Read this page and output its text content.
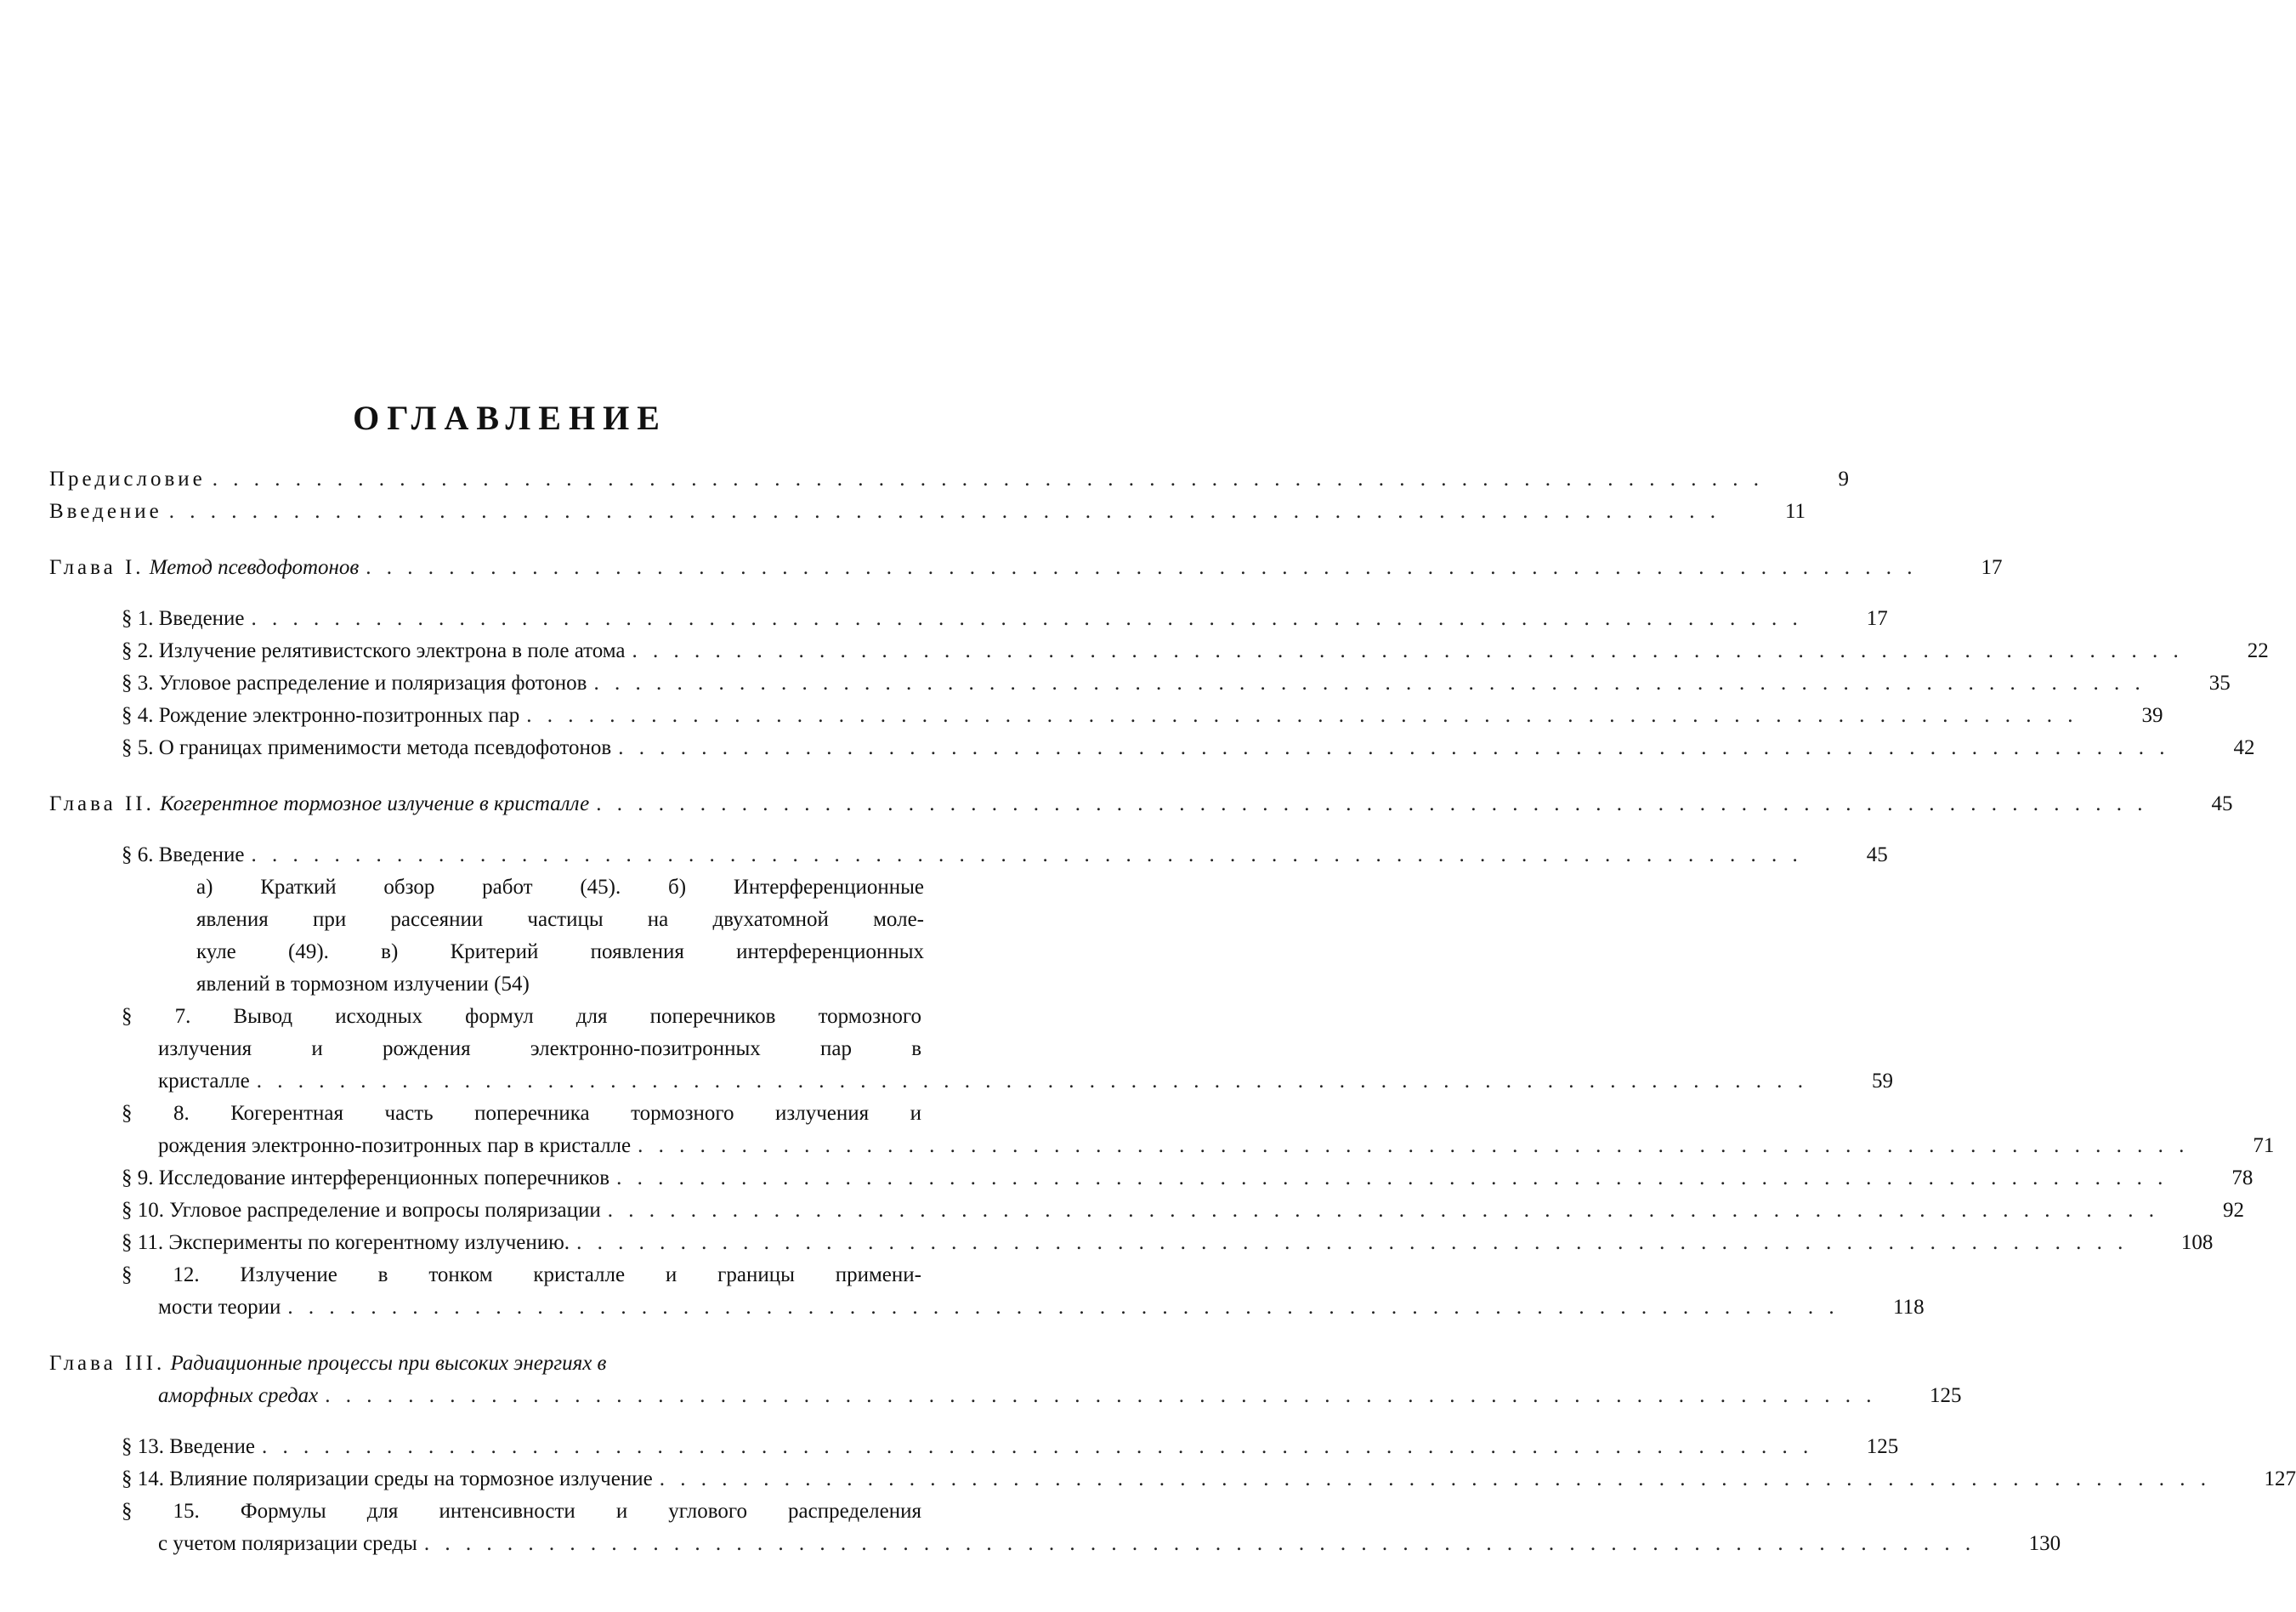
ОГЛАВЛЕНИЕ
Предисловие . . . . . . . . . . . . . . . . . . . . . . . . . . . . . . . . . . . . . . . . . . . . . . . . . . . . . . . . . . . . . . . . . . . . . . . . . . .	9
Введение . . . . . . . . . . . . . . . . . . . . . . . . . . . . . . . . . . . . . . . . . . . . . . . . . . . . . . . . . . . . . . . . . . . . . . . . . . .	11
Глава I. Метод псевдофотонов . . . . . . . . . . . . . . . . . . . . . . . . . . . . . . . . . . . . . . . . . . . . . . . . . . . . . . . . . . . . . . . . . . . . . . . . . . .	17
§ 1. Введение . . . . . . . . . . . . . . . . . . . . . . . . . . . . . . . . . . . . . . . . . . . . . . . . . . . . . . . . . . . . . . . . . . . . . . . . . . .	17
§ 2. Излучение релятивистского электрона в поле атома . . . . . . . . . . . . . . . . . . . . . . . . . . . . . . . . . . . . . . . . . . . . . . . . . . . . . . . . . . . . . . . . . . . . . . . . . . .	22
§ 3. Угловое распределение и поляризация фотонов . . . . . . . . . . . . . . . . . . . . . . . . . . . . . . . . . . . . . . . . . . . . . . . . . . . . . . . . . . . . . . . . . . . . . . . . . . .	35
§ 4. Рождение электронно-позитронных пар . . . . . . . . . . . . . . . . . . . . . . . . . . . . . . . . . . . . . . . . . . . . . . . . . . . . . . . . . . . . . . . . . . . . . . . . . . .	39
§ 5. О границах применимости метода псевдофотонов . . . . . . . . . . . . . . . . . . . . . . . . . . . . . . . . . . . . . . . . . . . . . . . . . . . . . . . . . . . . . . . . . . . . . . . . . . .	42
Глава II. Когерентное тормозное излучение в кристалле . . . . . . . . . . . . . . . . . . . . . . . . . . . . . . . . . . . . . . . . . . . . . . . . . . . . . . . . . . . . . . . . . . . . . . . . . . .	45
§ 6. Введение . . . . . . . . . . . . . . . . . . . . . . . . . . . . . . . . . . . . . . . . . . . . . . . . . . . . . . . . . . . . . . . . . . . . . . . . . . .	45
а) Краткий обзор работ (45). б) Интерференционные
явления при рассеянии частицы на двухатомной моле-
куле (49). в) Критерий появления интерференционных
явлений в тормозном излучении (54)
§ 7. Вывод исходных формул для поперечников тормозного
излучения и рождения электронно-позитронных пар в
кристалле . . . . . . . . . . . . . . . . . . . . . . . . . . . . . . . . . . . . . . . . . . . . . . . . . . . . . . . . . . . . . . . . . . . . . . . . . . .	59
§ 8. Когерентная часть поперечника тормозного излучения и
рождения электронно-позитронных пар в кристалле . . . . . . . . . . . . . . . . . . . . . . . . . . . . . . . . . . . . . . . . . . . . . . . . . . . . . . . . . . . . . . . . . . . . . . . . . . .	71
§ 9. Исследование интерференционных поперечников . . . . . . . . . . . . . . . . . . . . . . . . . . . . . . . . . . . . . . . . . . . . . . . . . . . . . . . . . . . . . . . . . . . . . . . . . . .	78
§ 10. Угловое распределение и вопросы поляризации . . . . . . . . . . . . . . . . . . . . . . . . . . . . . . . . . . . . . . . . . . . . . . . . . . . . . . . . . . . . . . . . . . . . . . . . . . .	92
§ 11. Эксперименты по когерентному излучению. . . . . . . . . . . . . . . . . . . . . . . . . . . . . . . . . . . . . . . . . . . . . . . . . . . . . . . . . . . . . . . . . . . . . . . . . . . .	108
§ 12. Излучение в тонком кристалле и границы примени-
мости теории . . . . . . . . . . . . . . . . . . . . . . . . . . . . . . . . . . . . . . . . . . . . . . . . . . . . . . . . . . . . . . . . . . . . . . . . . . .	118
Глава III. Радиационные процессы при высоких энергиях в
аморфных средах . . . . . . . . . . . . . . . . . . . . . . . . . . . . . . . . . . . . . . . . . . . . . . . . . . . . . . . . . . . . . . . . . . . . . . . . . . .	125
§ 13. Введение . . . . . . . . . . . . . . . . . . . . . . . . . . . . . . . . . . . . . . . . . . . . . . . . . . . . . . . . . . . . . . . . . . . . . . . . . . .	125
§ 14. Влияние поляризации среды на тормозное излучение . . . . . . . . . . . . . . . . . . . . . . . . . . . . . . . . . . . . . . . . . . . . . . . . . . . . . . . . . . . . . . . . . . . . . . . . . . .	127
§ 15. Формулы для интенсивности и углового распределения
с учетом поляризации среды . . . . . . . . . . . . . . . . . . . . . . . . . . . . . . . . . . . . . . . . . . . . . . . . . . . . . . . . . . . . . . . . . . . . . . . . . . .	130
